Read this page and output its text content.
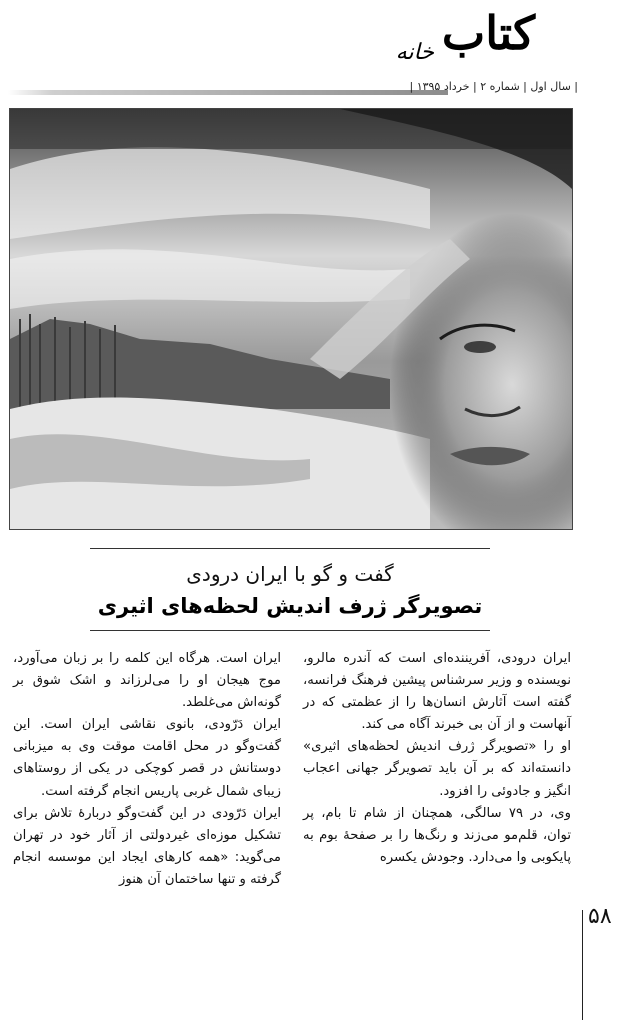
کتاب
خانه
| سال اول | شماره ۲ | خرداد ۱۳۹۵ |
گفت و گو با ایران درودی
تصویرگر ژرف اندیش لحظه‌های اثیری

ایران درودی، آفریننده‌ای است که آندره مالرو، نویسنده و وزیر سرشناس پیشین فرهنگ فرانسه، گفته است آثارش انسان‌ها را از عظمتی که در آنهاست و از آن بی خبرند آگاه می کند.

او را «تصویرگر ژرف اندیش لحظه‌های اثیری» دانسته‌اند که بر آن باید تصویرگر جهانی اعجاب انگیز و جادوئی را افزود.

وی، در ۷۹ سالگی، همچنان از شام تا بام، پر توان، قلم‌مو می‌زند و رنگ‌ها را بر صفحهٔ بوم به پایکوبی وا می‌دارد. وجودش یکسره

ایران است. هرگاه این کلمه را بر زبان می‌آورد، موج هیجان او را می‌لرزاند و اشک شوق بر گونه‌اش می‌غلطد.

ایران دَرّودی، بانوی نقاشی ایران است. این گفت‌وگو در محل اقامت موقت وی به میزبانی دوستانش در قصر کوچکی در یکی از روستاهای زیبای شمال غربی پاریس انجام گرفته است.

ایران دَرّودی در این گفت‌وگو دربارهٔ تلاش برای تشکیل موزه‌ای غیردولتی از آثار خود در تهران می‌گوید: «همه کارهای ایجاد این موسسه انجام گرفته و تنها ساختمان آن هنوز

۵۸
